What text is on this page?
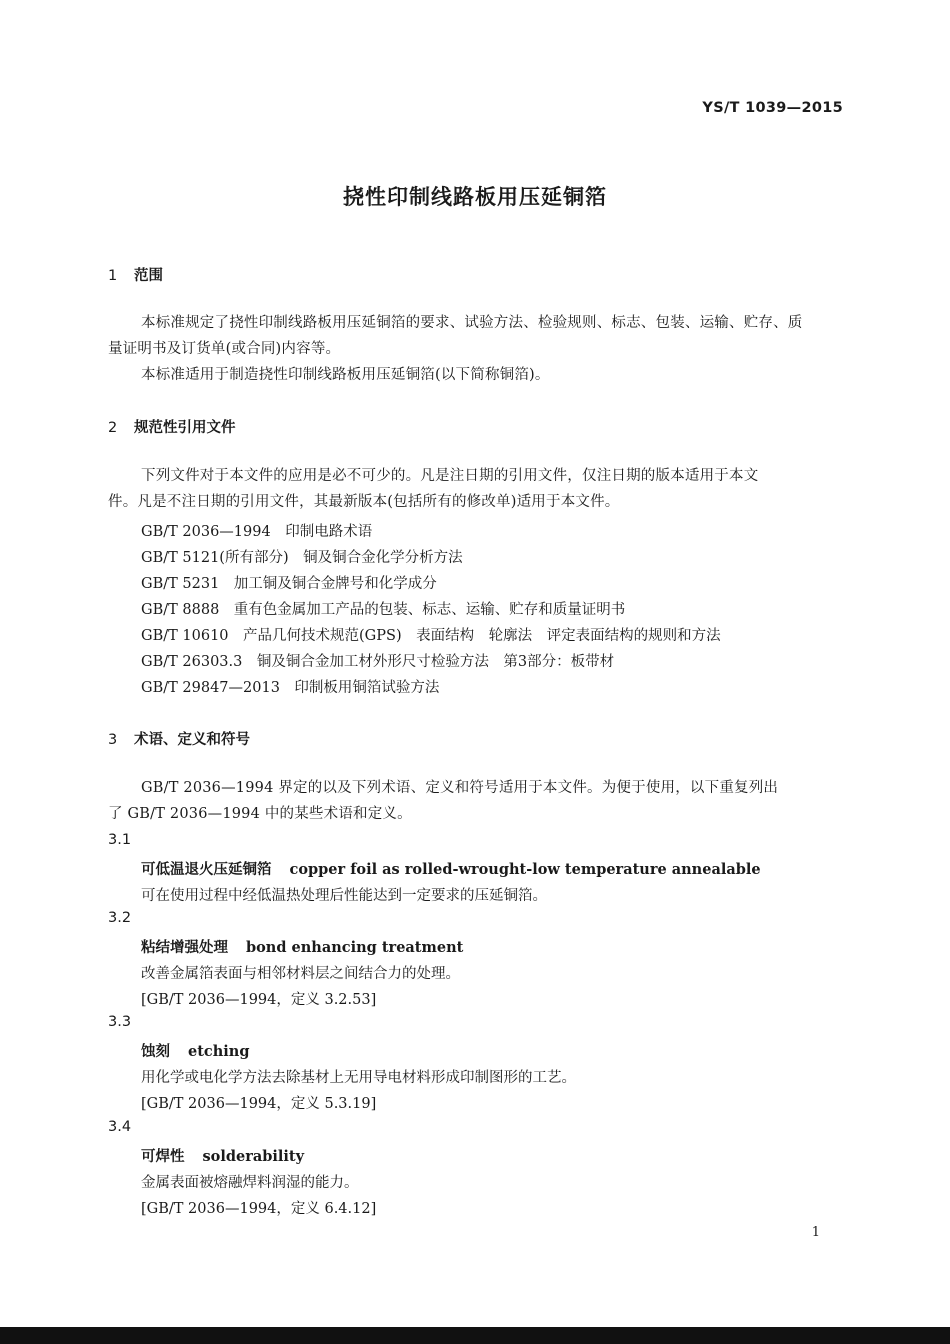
YS/T 1039—2015
挠性印制线路板用压延铜箔
1 范围
本标准规定了挠性印制线路板用压延铜箔的要求、试验方法、检验规则、标志、包装、运输、贮存、质
量证明书及订货单(或合同)内容等。
本标准适用于制造挠性印制线路板用压延铜箔(以下简称铜箔)。
2 规范性引用文件
下列文件对于本文件的应用是必不可少的。凡是注日期的引用文件，仅注日期的版本适用于本文
件。凡是不注日期的引用文件，其最新版本(包括所有的修改单)适用于本文件。
GB/T 2036—1994　印制电路术语
GB/T 5121(所有部分)　铜及铜合金化学分析方法
GB/T 5231　加工铜及铜合金牌号和化学成分
GB/T 8888　重有色金属加工产品的包装、标志、运输、贮存和质量证明书
GB/T 10610　产品几何技术规范(GPS)　表面结构　轮廓法　评定表面结构的规则和方法
GB/T 26303.3　铜及铜合金加工材外形尺寸检验方法　第3部分：板带材
GB/T 29847—2013　印制板用铜箔试验方法
3 术语、定义和符号
GB/T 2036—1994 界定的以及下列术语、定义和符号适用于本文件。为便于使用，以下重复列出
了 GB/T 2036—1994 中的某些术语和定义。
3.1
可低温退火压延铜箔 copper foil as rolled-wrought-low temperature annealable
可在使用过程中经低温热处理后性能达到一定要求的压延铜箔。
3.2
粘结增强处理 bond enhancing treatment
改善金属箔表面与相邻材料层之间结合力的处理。
[GB/T 2036—1994，定义 3.2.53]
3.3
蚀刻 etching
用化学或电化学方法去除基材上无用导电材料形成印制图形的工艺。
[GB/T 2036—1994，定义 5.3.19]
3.4
可焊性 solderability
金属表面被熔融焊料润湿的能力。
[GB/T 2036—1994，定义 6.4.12]
1
